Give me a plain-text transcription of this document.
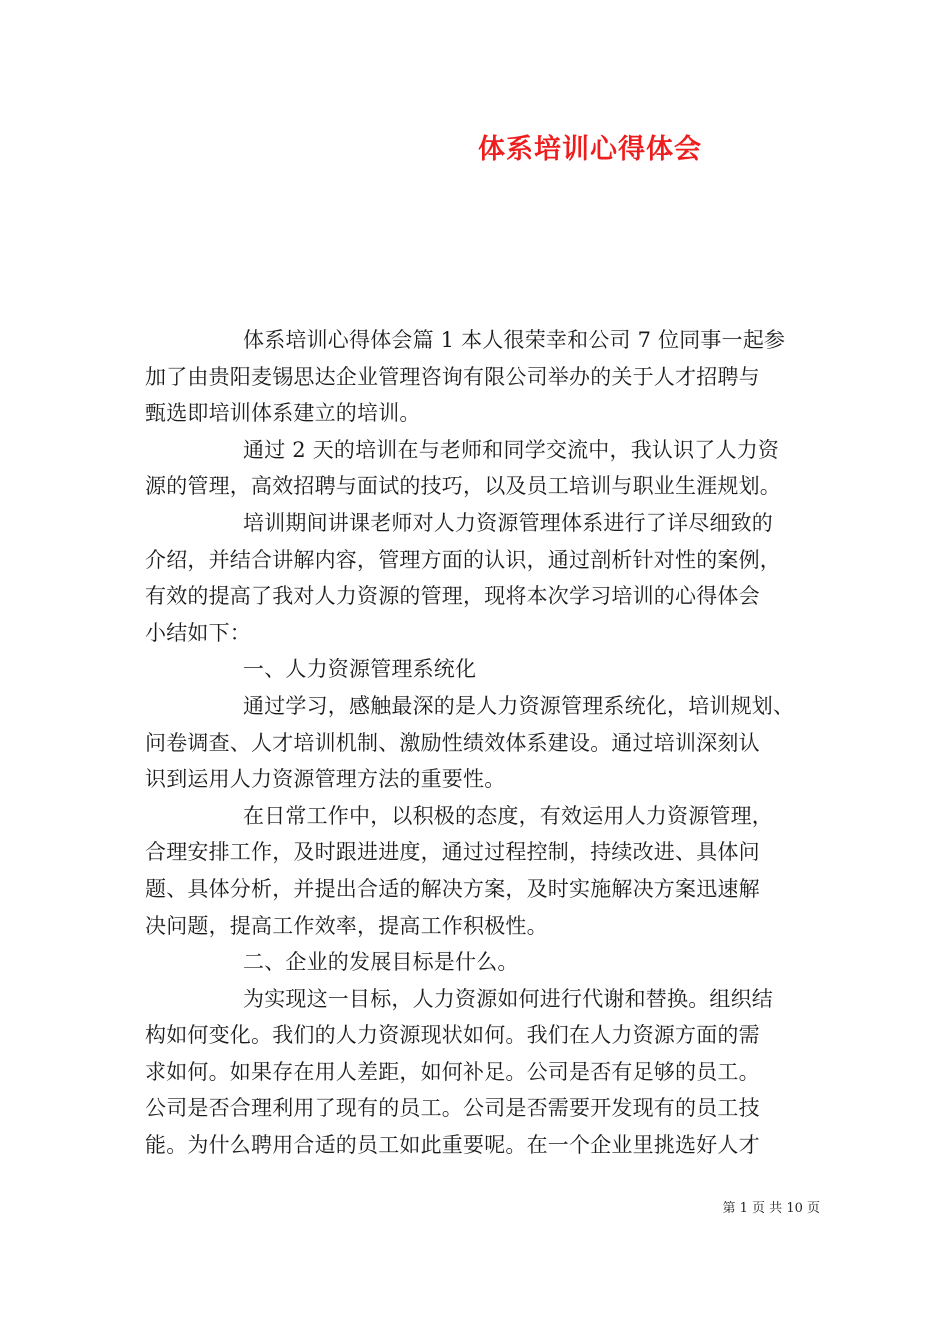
体系培训心得体会
体系培训心得体会篇 1 本人很荣幸和公司 7 位同事一起参
加了由贵阳麦锡思达企业管理咨询有限公司举办的关于人才招聘与
甄选即培训体系建立的培训。
通过 2 天的培训在与老师和同学交流中，我认识了人力资
源的管理，高效招聘与面试的技巧，以及员工培训与职业生涯规划。
培训期间讲课老师对人力资源管理体系进行了详尽细致的
介绍，并结合讲解内容，管理方面的认识，通过剖析针对性的案例，
有效的提高了我对人力资源的管理，现将本次学习培训的心得体会
小结如下：
一、人力资源管理系统化
通过学习，感触最深的是人力资源管理系统化，培训规划、
问卷调查、人才培训机制、激励性绩效体系建设。通过培训深刻认
识到运用人力资源管理方法的重要性。
在日常工作中，以积极的态度，有效运用人力资源管理，
合理安排工作，及时跟进进度，通过过程控制，持续改进、具体问
题、具体分析，并提出合适的解决方案，及时实施解决方案迅速解
决问题，提高工作效率，提高工作积极性。
二、企业的发展目标是什么。
为实现这一目标，人力资源如何进行代谢和替换。组织结
构如何变化。我们的人力资源现状如何。我们在人力资源方面的需
求如何。如果存在用人差距，如何补足。公司是否有足够的员工。
公司是否合理利用了现有的员工。公司是否需要开发现有的员工技
能。为什么聘用合适的员工如此重要呢。在一个企业里挑选好人才
第 1 页 共 10 页
